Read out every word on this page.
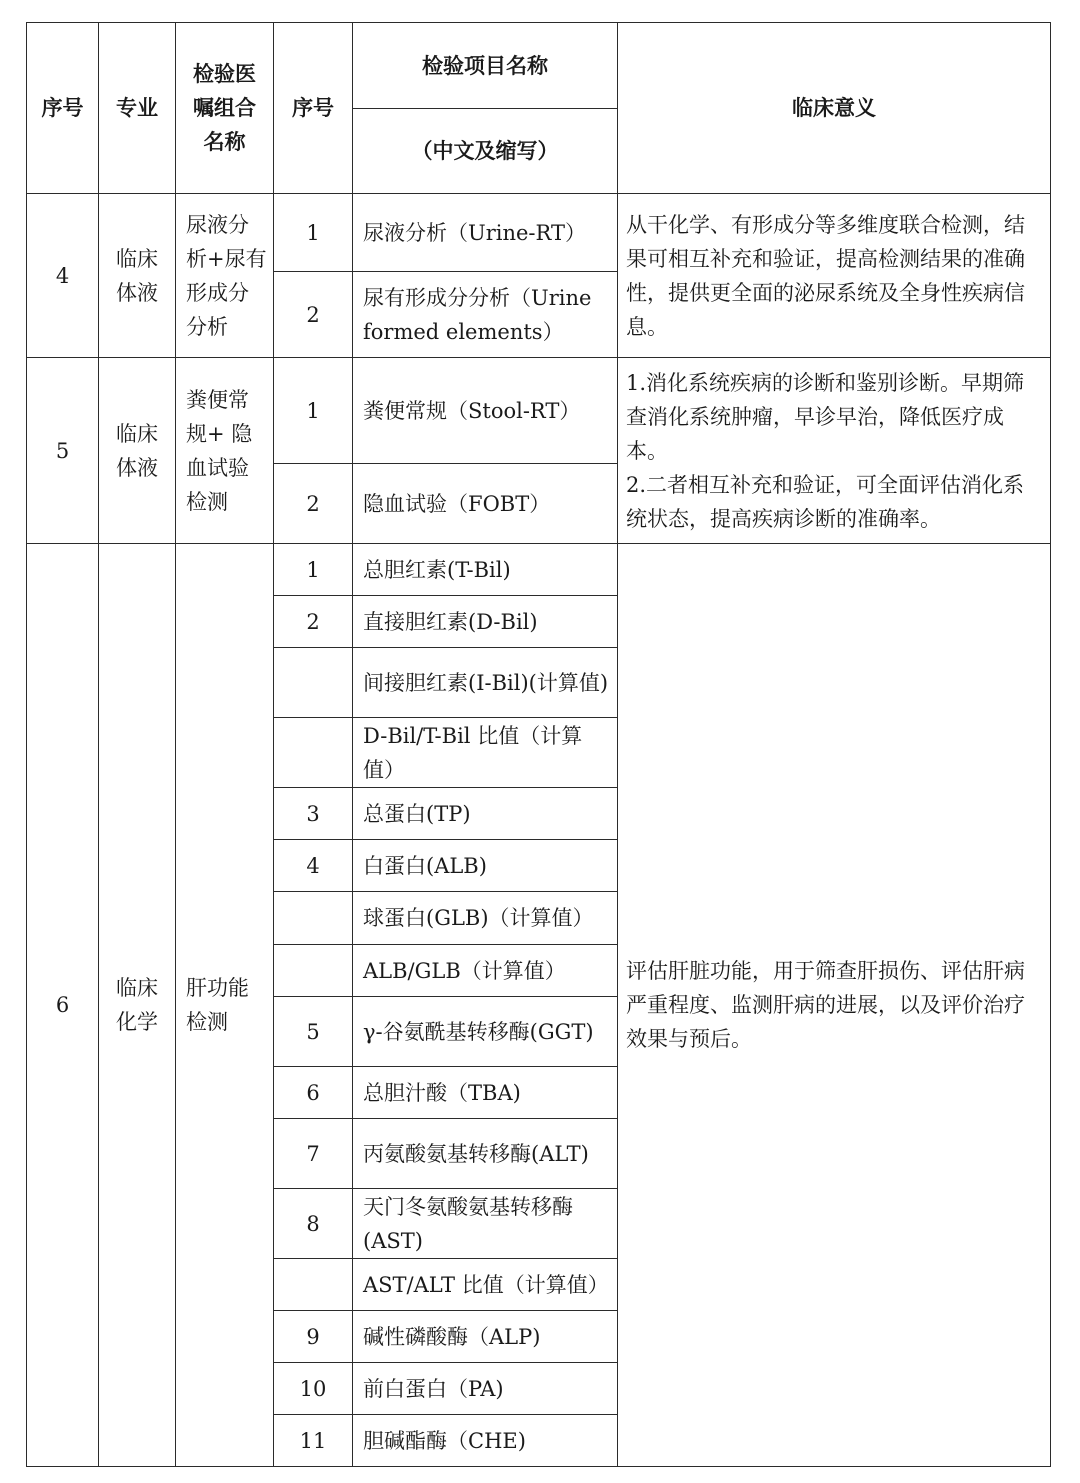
序号	专业	检验医嘱组合名称	序号	检验项目名称	临床意义
				（中文及缩写）	
4	临床体液	尿液分析+尿有形成分分析	1	尿液分析（Urine-RT）	从干化学、有形成分等多维度联合检测，结果可相互补充和验证，提高检测结果的准确性，提供更全面的泌尿系统及全身性疾病信息。
			2	尿有形成分分析（Urine formed elements）	
5	临床体液	粪便常规+ 隐血试验检测	1	粪便常规（Stool-RT）	1.消化系统疾病的诊断和鉴别诊断。早期筛查消化系统肿瘤，早诊早治，降低医疗成本。
2.二者相互补充和验证，可全面评估消化系统状态，提高疾病诊断的准确率。

			2	隐血试验（FOBT）	
6	临床化学	肝功能检测	1	总胆红素(T-Bil)	评估肝脏功能，用于筛查肝损伤、评估肝病严重程度、监测肝病的进展，以及评价治疗效果与预后。
			2	直接胆红素(D-Bil)	
				间接胆红素(I-Bil)(计算值)	
				D-Bil/T-Bil 比值（计算值）	
			3	总蛋白(TP)	
			4	白蛋白(ALB)	
				球蛋白(GLB)（计算值）	
				ALB/GLB（计算值）	
			5	γ-谷氨酰基转移酶(GGT)	
			6	总胆汁酸（TBA)	
			7	丙氨酸氨基转移酶(ALT)	
			8	天门冬氨酸氨基转移酶(AST)	
				AST/ALT 比值（计算值）	
			9	碱性磷酸酶（ALP)	
			10	前白蛋白（PA)	
			11	胆碱酯酶（CHE)	
